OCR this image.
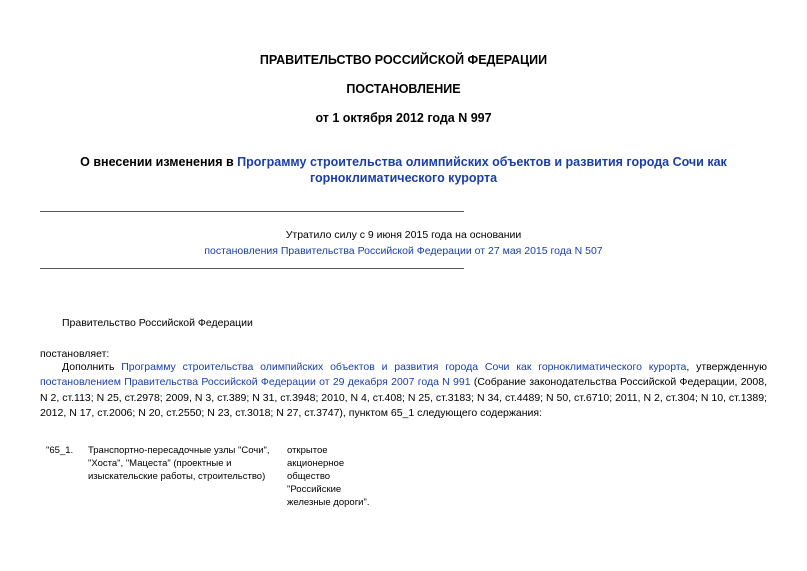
ПРАВИТЕЛЬСТВО РОССИЙСКОЙ ФЕДЕРАЦИИ
ПОСТАНОВЛЕНИЕ
от 1 октября 2012 года N 997
О внесении изменения в Программу строительства олимпийских объектов и развития города Сочи как горноклиматического курорта
Утратило силу с 9 июня 2015 года на основании
постановления Правительства Российской Федерации от 27 мая 2015 года N 507
Правительство Российской Федерации
постановляет:
Дополнить Программу строительства олимпийских объектов и развития города Сочи как горноклиматического курорта, утвержденную постановлением Правительства Российской Федерации от 29 декабря 2007 года N 991 (Собрание законодательства Российской Федерации, 2008, N 2, ст.113; N 25, ст.2978; 2009, N 3, ст.389; N 31, ст.3948; 2010, N 4, ст.408; N 25, ст.3183; N 34, ст.4489; N 50, ст.6710; 2011, N 2, ст.304; N 10, ст.1389; 2012, N 17, ст.2006; N 20, ст.2550; N 23, ст.3018; N 27, ст.3747), пунктом 65_1 следующего содержания:
"65_1.	Транспортно-пересадочные узлы "Сочи", "Хоста", "Мацеста" (проектные и изыскательские работы, строительство)
открытое акционерное общество "Российские железные дороги".
